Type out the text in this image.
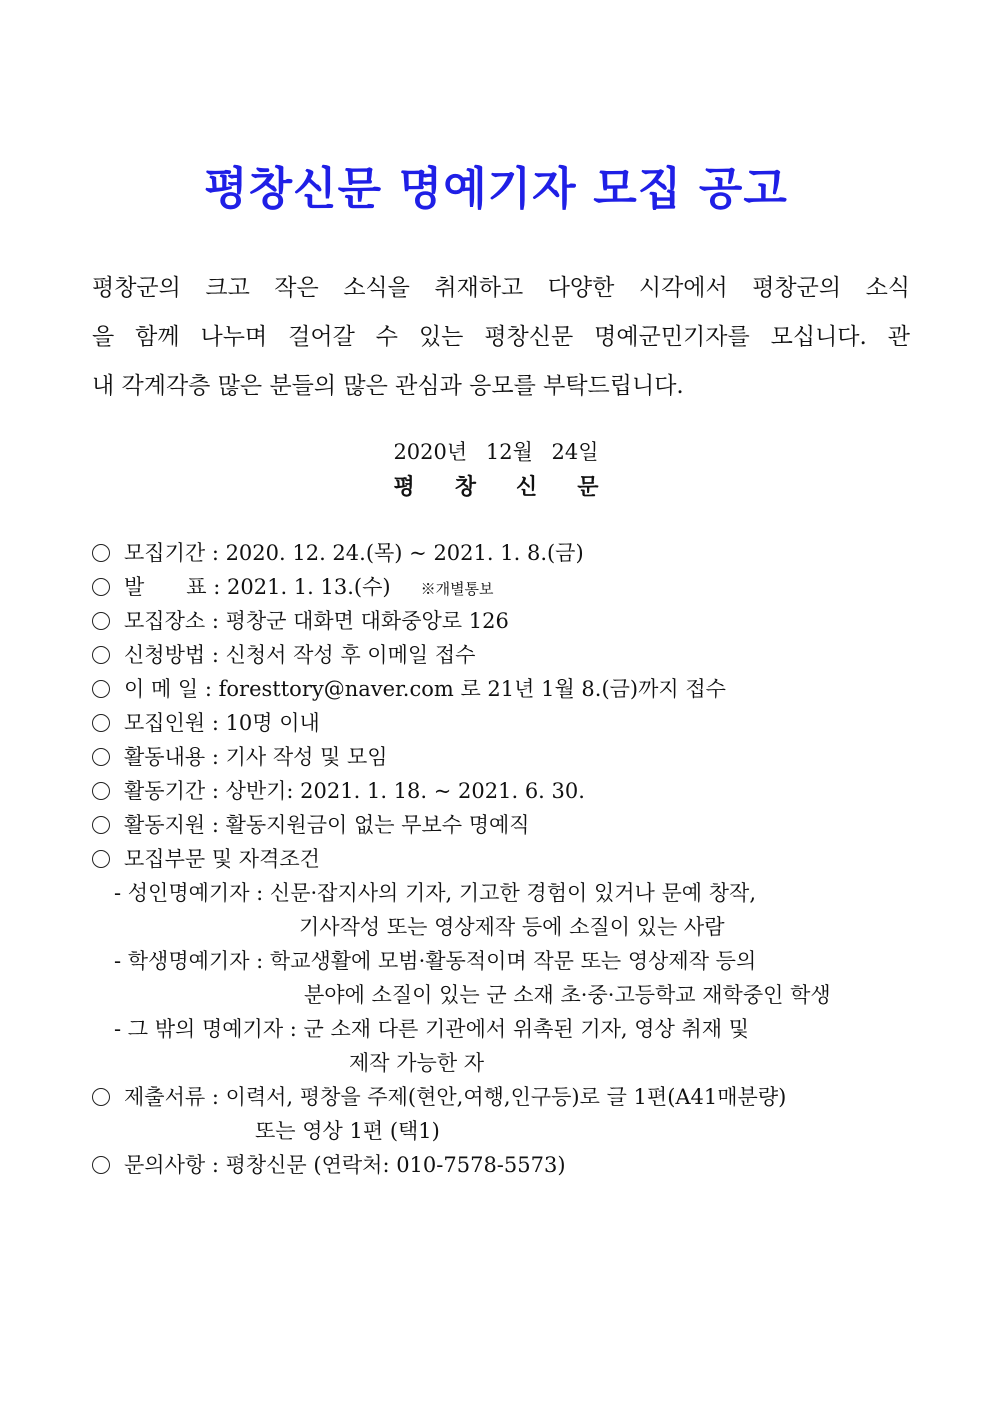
평창신문 명예기자 모집 공고
평창군의 크고 작은 소식을 취재하고 다양한 시각에서 평창군의 소식
을 함께 나누며 걸어갈 수 있는 평창신문 명예군민기자를 모십니다. 관
내 각계각층 많은 분들의 많은 관심과 응모를 부탁드립니다.
2020년 12월 24일
평창신문
모집기간 : 2020. 12. 24.(목) ~ 2021. 1. 8.(금)
발　　표 : 2021. 1. 13.(수) ※개별통보
모집장소 : 평창군 대화면 대화중앙로 126
신청방법 : 신청서 작성 후 이메일 접수
이 메 일 : foresttory@naver.com 로 21년 1월 8.(금)까지 접수
모집인원 : 10명 이내
활동내용 : 기사 작성 및 모임
활동기간 : 상반기: 2021. 1. 18. ~ 2021. 6. 30.
활동지원 : 활동지원금이 없는 무보수 명예직
모집부문 및 자격조건
- 성인명예기자 : 신문·잡지사의 기자, 기고한 경험이 있거나 문예 창작,
기사작성 또는 영상제작 등에 소질이 있는 사람
- 학생명예기자 : 학교생활에 모범·활동적이며 작문 또는 영상제작 등의
분야에 소질이 있는 군 소재 초·중·고등학교 재학중인 학생
- 그 밖의 명예기자 : 군 소재 다른 기관에서 위촉된 기자, 영상 취재 및
제작 가능한 자
제출서류 : 이력서, 평창을 주제(현안,여행,인구등)로 글 1편(A41매분량)
또는 영상 1편 (택1)
문의사항 : 평창신문 (연락처: 010-7578-5573)
